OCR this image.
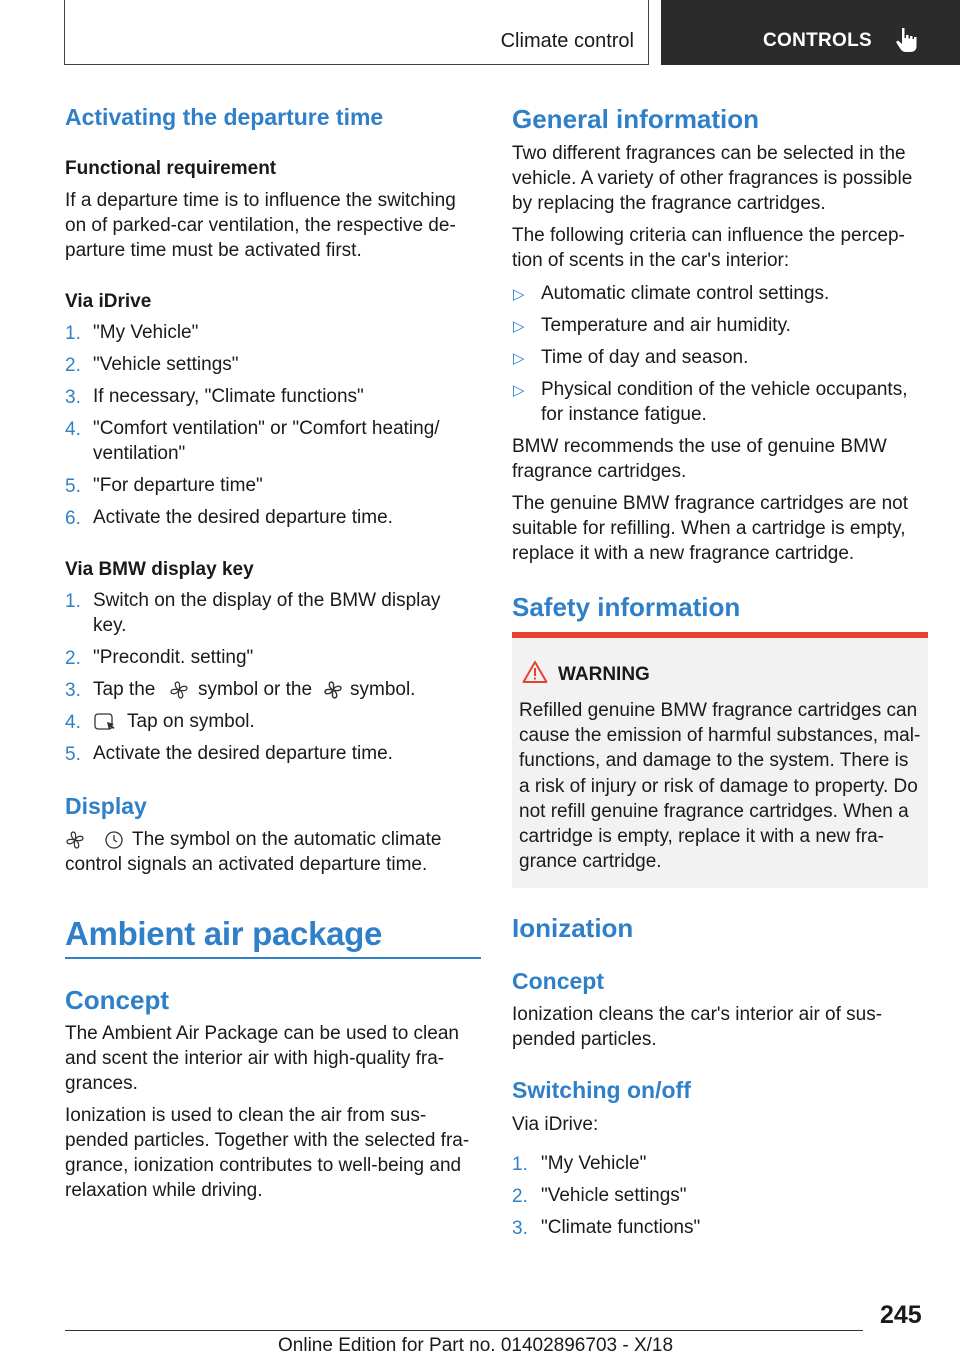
Climate control	CONTROLS
Activating the departure time
Functional requirement
If a departure time is to influence the switching
on of parked-car ventilation, the respective de-
parture time must be activated first.
Via iDrive
1. "My Vehicle"
2. "Vehicle settings"
3. If necessary, "Climate functions"
4. "Comfort ventilation" or "Comfort heating/
ventilation"
5. "For departure time"
6. Activate the desired departure time.
Via BMW display key
1. Switch on the display of the BMW display
key.
2. "Precondit. setting"
3. Tap the symbol or the symbol.
4. Tap on symbol.
5. Activate the desired departure time.
Display
The symbol on the automatic climate
control signals an activated departure time.
Ambient air package
Concept
The Ambient Air Package can be used to clean
and scent the interior air with high-quality fra-
grances.
Ionization is used to clean the air from sus-
pended particles. Together with the selected fra-
grance, ionization contributes to well-being and
relaxation while driving.
General information
Two different fragrances can be selected in the
vehicle. A variety of other fragrances is possible
by replacing the fragrance cartridges.
The following criteria can influence the percep-
tion of scents in the car's interior:
▷ Automatic climate control settings.
▷ Temperature and air humidity.
▷ Time of day and season.
▷ Physical condition of the vehicle occupants,
for instance fatigue.
BMW recommends the use of genuine BMW
fragrance cartridges.
The genuine BMW fragrance cartridges are not
suitable for refilling. When a cartridge is empty,
replace it with a new fragrance cartridge.
Safety information
WARNING
Refilled genuine BMW fragrance cartridges can
cause the emission of harmful substances, mal-
functions, and damage to the system. There is
a risk of injury or risk of damage to property. Do
not refill genuine fragrance cartridges. When a
cartridge is empty, replace it with a new fra-
grance cartridge.
Ionization
Concept
Ionization cleans the car's interior air of sus-
pended particles.
Switching on/off
Via iDrive:
1. "My Vehicle"
2. "Vehicle settings"
3. "Climate functions"
245
Online Edition for Part no. 01402896703 - X/18
